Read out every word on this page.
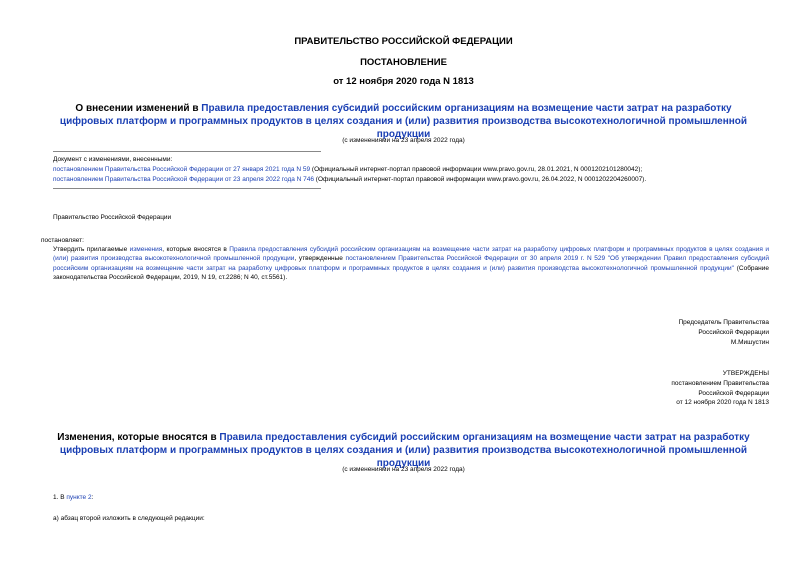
ПРАВИТЕЛЬСТВО РОССИЙСКОЙ ФЕДЕРАЦИИ
ПОСТАНОВЛЕНИЕ
от 12 ноября 2020 года N 1813
О внесении изменений в Правила предоставления субсидий российским организациям на возмещение части затрат на разработку цифровых платформ и программных продуктов в целях создания и (или) развития производства высокотехнологичной промышленной продукции
(с изменениями на 23 апреля 2022 года)
Документ с изменениями, внесенными:
постановлением Правительства Российской Федерации от 27 января 2021 года N 59 (Официальный интернет-портал правовой информации www.pravo.gov.ru, 28.01.2021, N 0001202101280042);
постановлением Правительства Российской Федерации от 23 апреля 2022 года N 746 (Официальный интернет-портал правовой информации www.pravo.gov.ru, 26.04.2022, N 0001202204260007).
Правительство Российской Федерации
постановляет:
Утвердить прилагаемые изменения, которые вносятся в Правила предоставления субсидий российским организациям на возмещение части затрат на разработку цифровых платформ и программных продуктов в целях создания и (или) развития производства высокотехнологичной промышленной продукции, утвержденные постановлением Правительства Российской Федерации от 30 апреля 2019 г. N 529 "Об утверждении Правил предоставления субсидий российским организациям на возмещение части затрат на разработку цифровых платформ и программных продуктов в целях создания и (или) развития производства высокотехнологичной промышленной продукции" (Собрание законодательства Российской Федерации, 2019, N 19, ст.2286; N 40, ст.5561).
Председатель Правительства
Российской Федерации
М.Мишустин
УТВЕРЖДЕНЫ
постановлением Правительства
Российской Федерации
от 12 ноября 2020 года N 1813
Изменения, которые вносятся в Правила предоставления субсидий российским организациям на возмещение части затрат на разработку цифровых платформ и программных продуктов в целях создания и (или) развития производства высокотехнологичной промышленной продукции
(с изменениями на 23 апреля 2022 года)
1. В пункте 2:
а) абзац второй изложить в следующей редакции:
